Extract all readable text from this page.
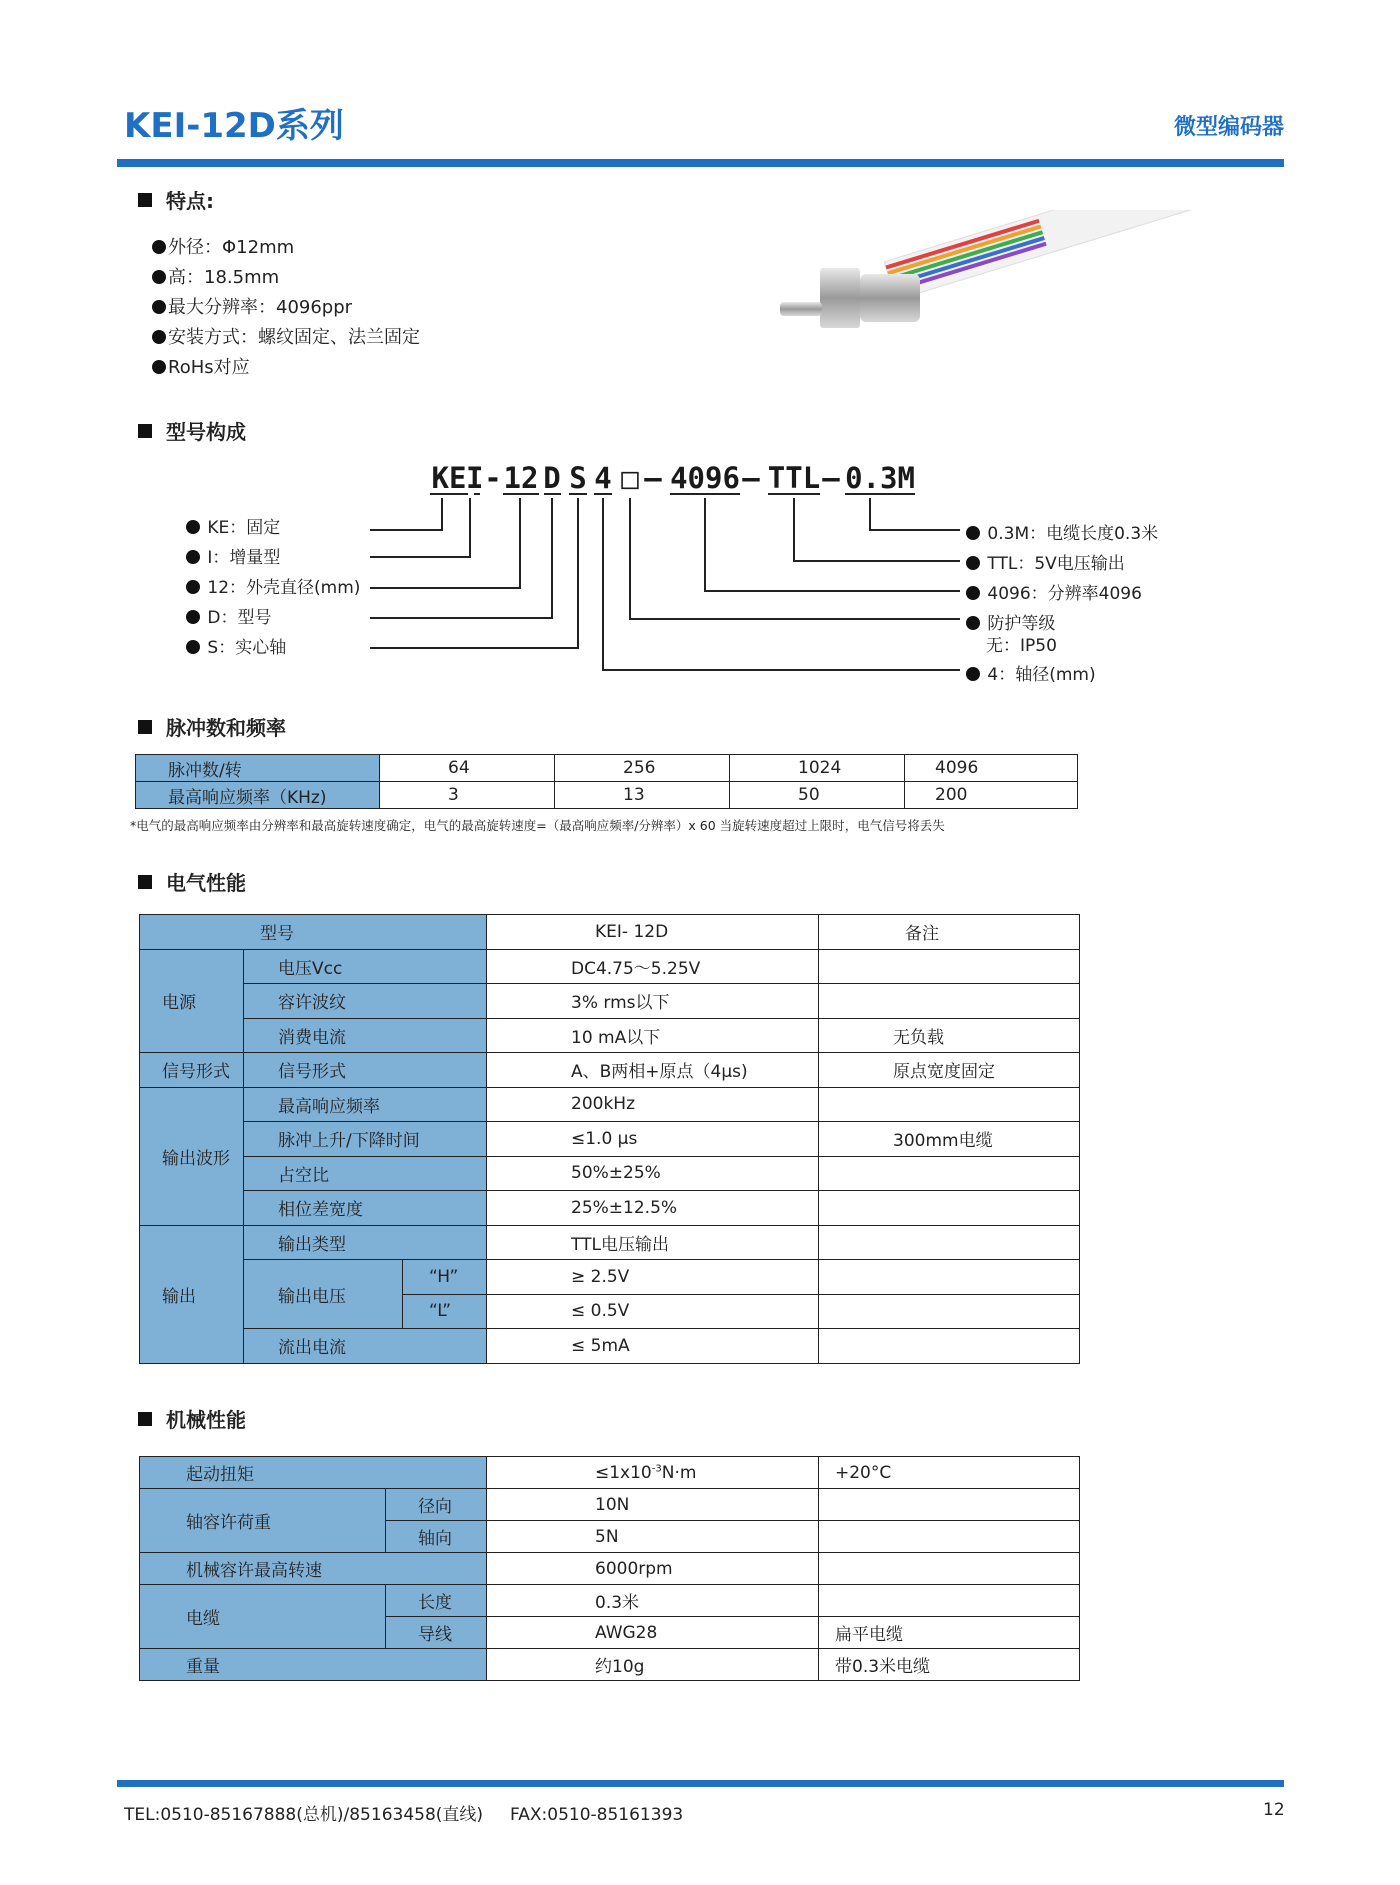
KEI-12D系列	微型编码器
特点:
外径：Φ12mm
高：18.5mm
最大分辨率：4096ppr
安装方式：螺纹固定、法兰固定
RoHs对应
型号构成
KE I - 12 D S 4 □ – 4096 – TTL – 0.3M
KE：固定
I：增量型
12：外壳直径(mm)
D：型号
S：实心轴
0.3M：电缆长度0.3米
TTL：5V电压输出
4096：分辨率4096
防护等级
无：IP50
4：轴径(mm)
脉冲数和频率
脉冲数/转	64	256	1024	4096
最高响应频率（KHz)	3	13	50	200
*电气的最高响应频率由分辨率和最高旋转速度确定，电气的最高旋转速度=（最高响应频率/分辨率）x 60 当旋转速度超过上限时，电气信号将丢失
电气性能
型号			KEI- 12D	备注
电源	电压Vcc		DC4.75～5.25V	
	容许波纹		3% rms以下	
	消费电流		10 mA以下	无负载
信号形式	信号形式		A、B两相+原点（4μs)	原点宽度固定
输出波形	最高响应频率		200kHz	
	脉冲上升/下降时间		≤1.0 μs	300mm电缆
	占空比		50%±25%	
	相位差宽度		25%±12.5%	
输出	输出类型		TTL电压输出	
	输出电压	“H”	≥ 2.5V	
		“L”	≤ 0.5V	
	流出电流		≤ 5mA	
机械性能
起动扭矩		$\le 1x10^{-3}N\cdot m$	+20°C
轴容许荷重	径向	10N	
	轴向	5N	
机械容许最高转速		6000rpm	
电缆	长度	0.3米	
	导线	AWG28	扁平电缆
重量		约10g	带0.3米电缆
TEL:0510-85167888(总机)/85163458(直线)     FAX:0510-85161393	12
